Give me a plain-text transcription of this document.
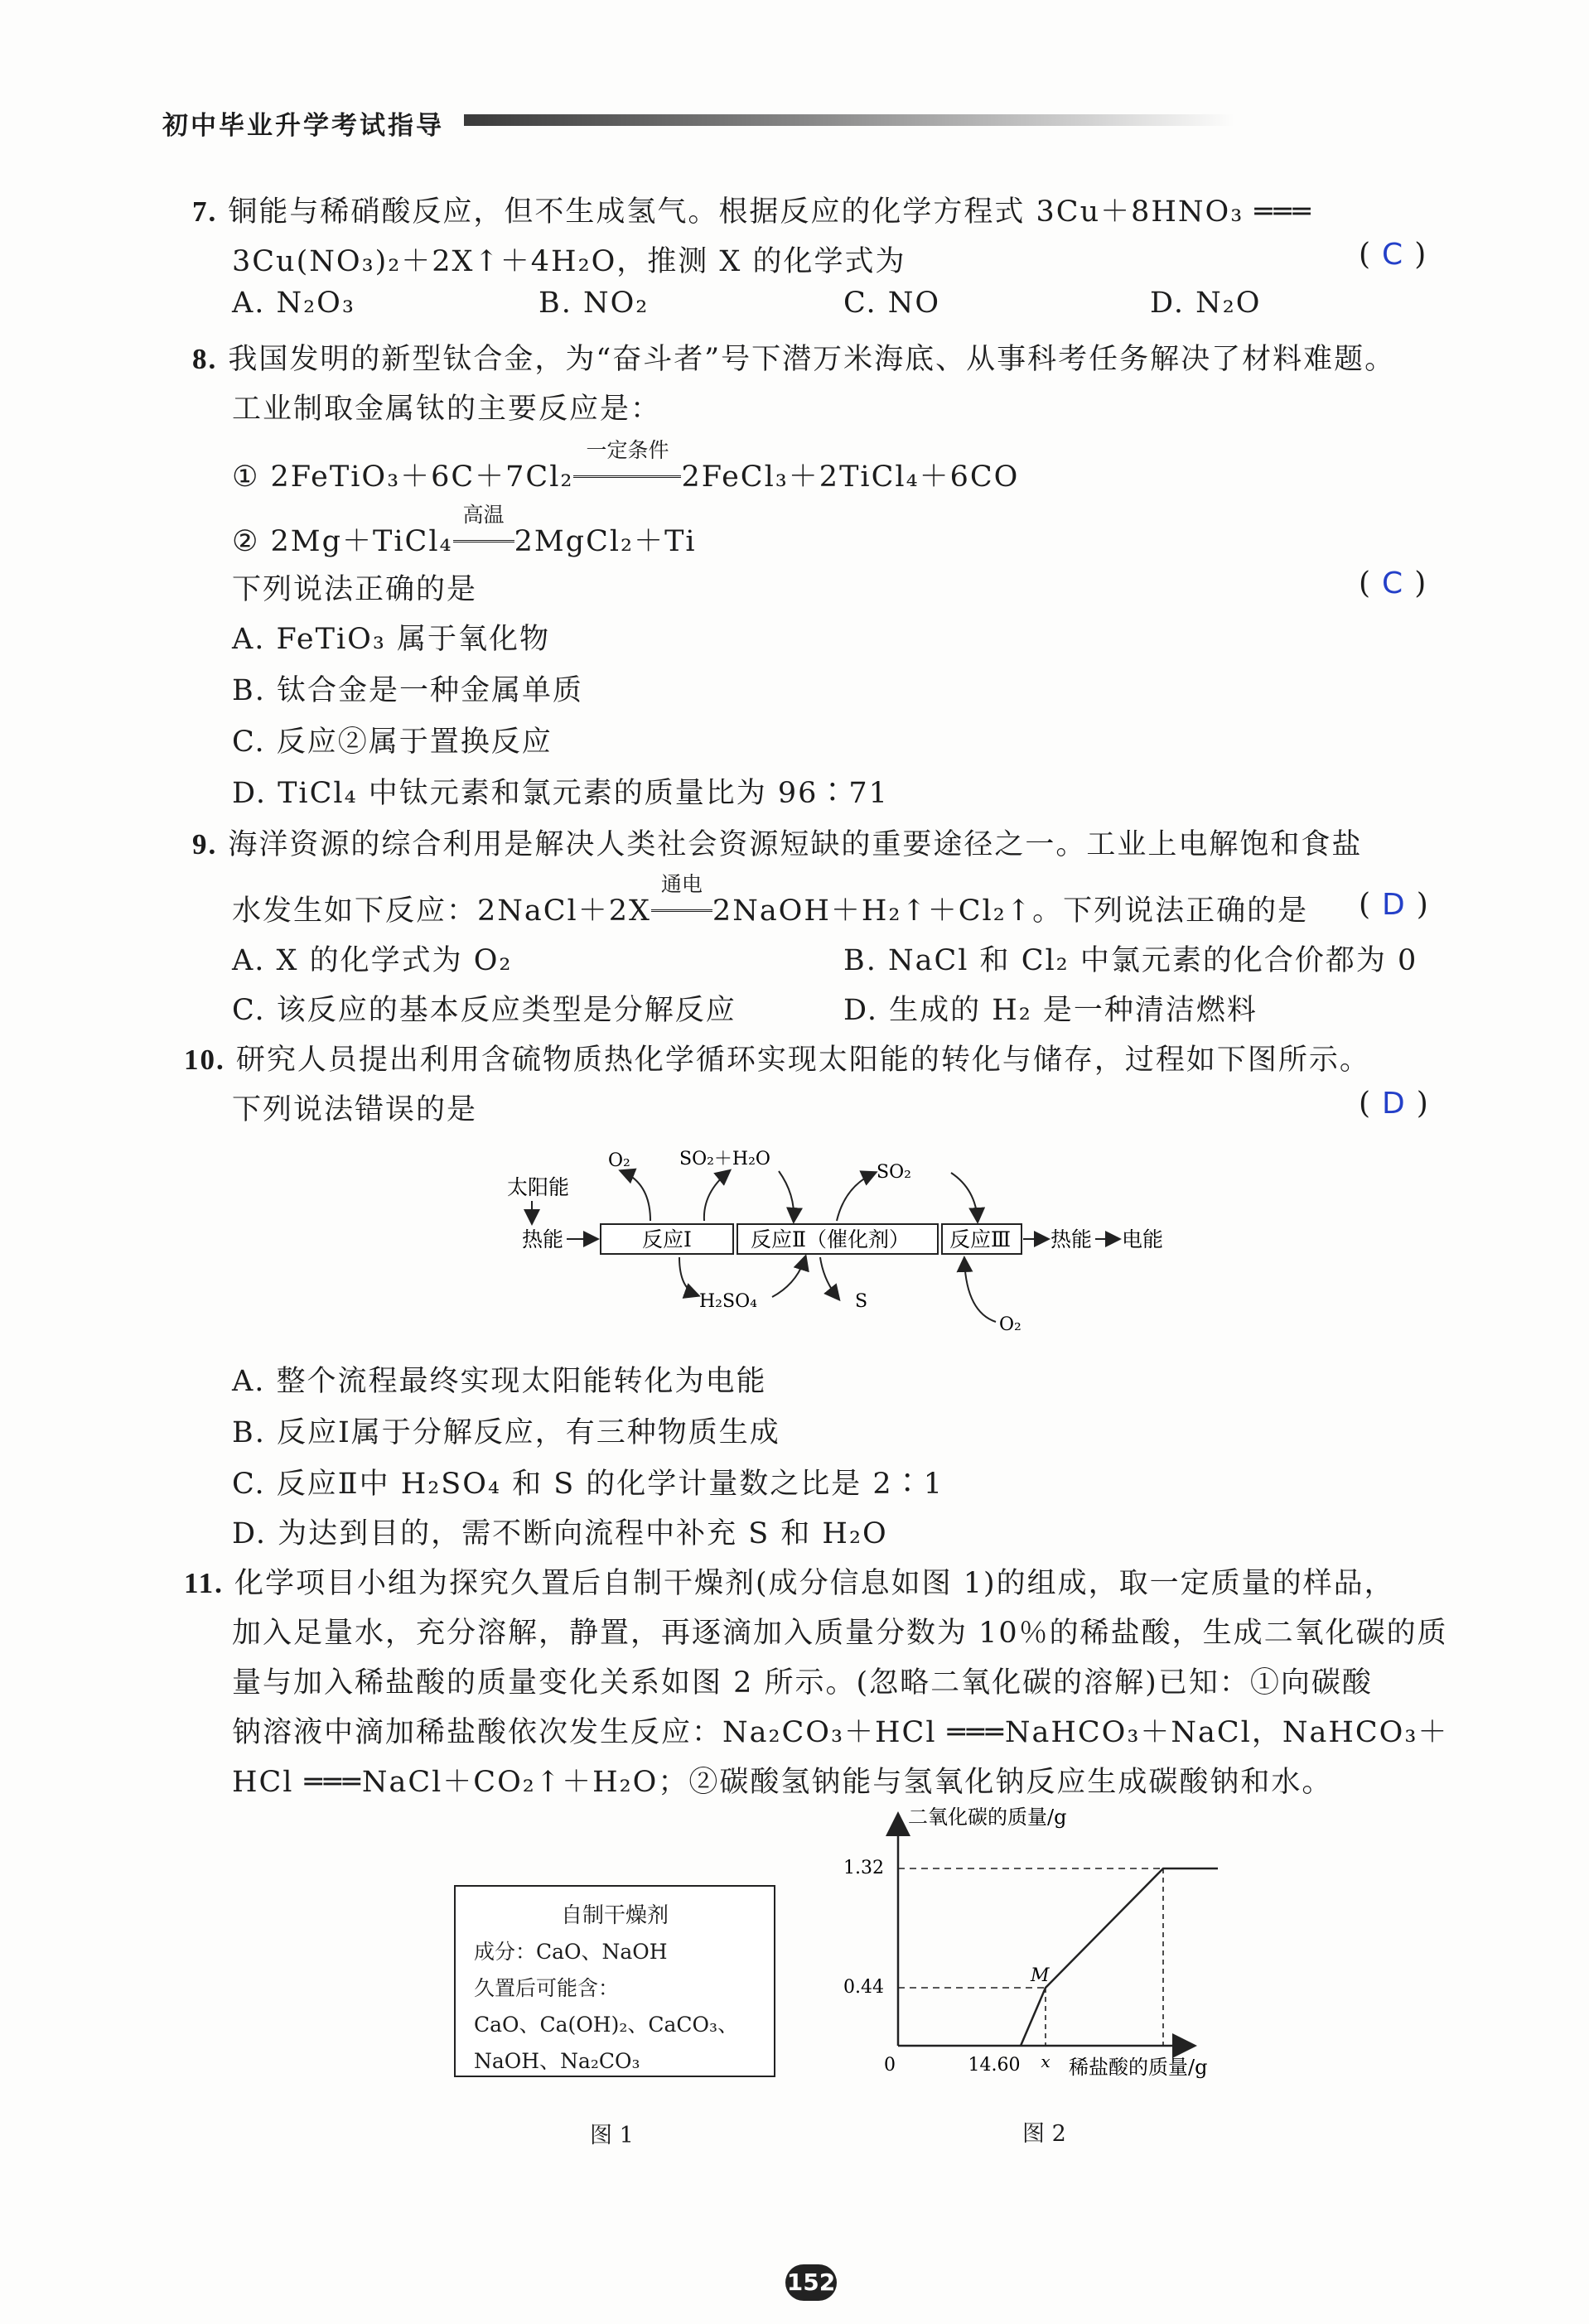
初中毕业升学考试指导
7. 铜能与稀硝酸反应，但不生成氢气。根据反应的化学方程式 3Cu＋8HNO₃ ═══
3Cu(NO₃)₂＋2X↑＋4H₂O，推测 X 的化学式为	( C )
A. N₂O₃	B. NO₂	C. NO	D. N₂O
8. 我国发明的新型钛合金，为“奋斗者”号下潜万米海底、从事科考任务解决了材料难题。
工业制取金属钛的主要反应是：
① 2FeTiO₃＋6C＋7Cl₂
一定条件
2FeCl₃＋2TiCl₄＋6CO
② 2Mg＋TiCl₄
高温
2MgCl₂＋Ti
下列说法正确的是	( C )
A. FeTiO₃ 属于氧化物
B. 钛合金是一种金属单质
C. 反应②属于置换反应
D. TiCl₄ 中钛元素和氯元素的质量比为 96∶71
9. 海洋资源的综合利用是解决人类社会资源短缺的重要途径之一。工业上电解饱和食盐
水发生如下反应：2NaCl＋2X
通电
2NaOH＋H₂↑＋Cl₂↑。下列说法正确的是 ( D )
A. X 的化学式为 O₂	B. NaCl 和 Cl₂ 中氯元素的化合价都为 0
C. 该反应的基本反应类型是分解反应	D. 生成的 H₂ 是一种清洁燃料
10. 研究人员提出利用含硫物质热化学循环实现太阳能的转化与储存，过程如下图所示。
下列说法错误的是	( D )
太阳能
热能	反应Ⅰ	反应Ⅱ（催化剂） 反应Ⅲ 热能 电能
O₂	SO₂＋H₂O
SO₂
H₂SO₄	S
O₂
A. 整个流程最终实现太阳能转化为电能
B. 反应Ⅰ属于分解反应，有三种物质生成
C. 反应Ⅱ中 H₂SO₄ 和 S 的化学计量数之比是 2∶1
D. 为达到目的，需不断向流程中补充 S 和 H₂O
11. 化学项目小组为探究久置后自制干燥剂(成分信息如图 1)的组成，取一定质量的样品，
加入足量水，充分溶解，静置，再逐滴加入质量分数为 10％的稀盐酸，生成二氧化碳的质
量与加入稀盐酸的质量变化关系如图 2 所示。(忽略二氧化碳的溶解)已知：①向碳酸
钠溶液中滴加稀盐酸依次发生反应：Na₂CO₃＋HCl ═══NaHCO₃＋NaCl，NaHCO₃＋
HCl ═══NaCl＋CO₂↑＋H₂O；②碳酸氢钠能与氢氧化钠反应生成碳酸钠和水。
自制干燥剂
成分：CaO、NaOH
久置后可能含：
CaO、Ca(OH)₂、CaCO₃、
NaOH、Na₂CO₃
图 1
二氧化碳的质量/g
稀盐酸的质量/g
0
1.32
0.44
14.60 x
M
图 2
152
